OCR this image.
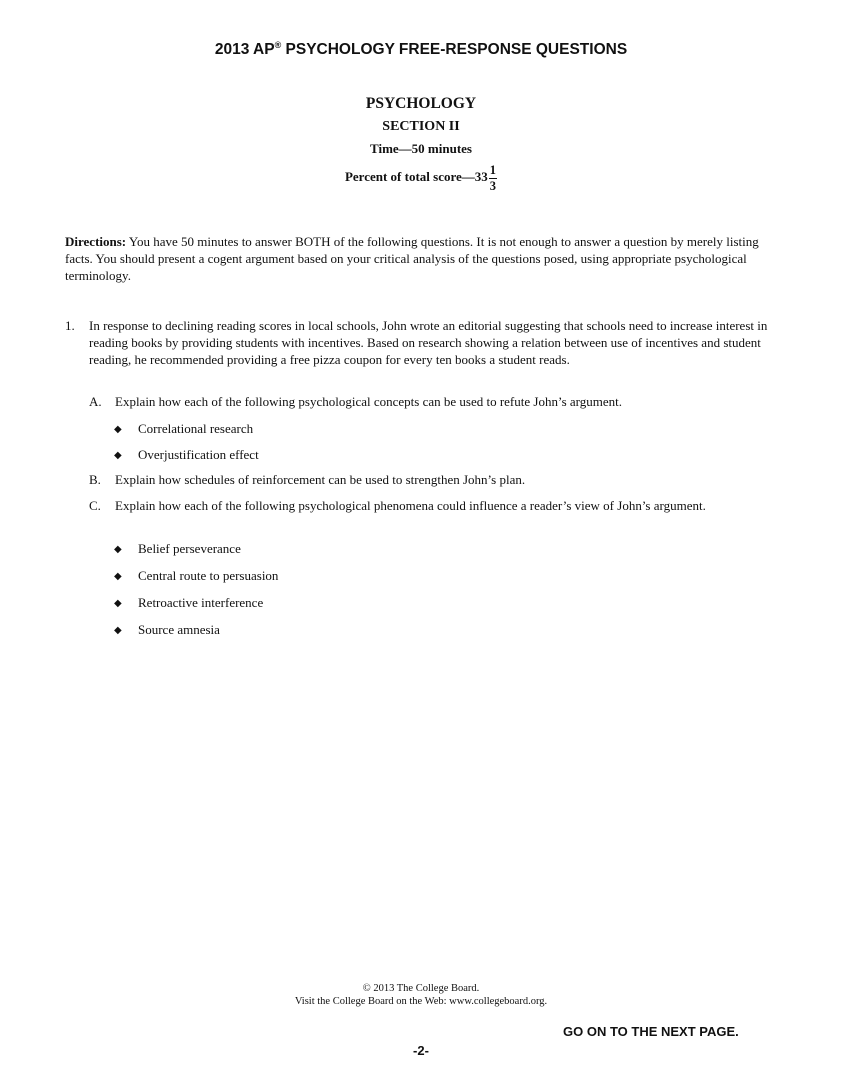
2013 AP® PSYCHOLOGY FREE-RESPONSE QUESTIONS
PSYCHOLOGY
SECTION II
Time—50 minutes
Percent of total score—33 $\frac{1}{3}$

Directions: You have 50 minutes to answer BOTH of the following questions. It is not enough to answer a question by merely listing facts. You should present a cogent argument based on your critical analysis of the questions posed, using appropriate psychological terminology.

1. In response to declining reading scores in local schools, John wrote an editorial suggesting that schools need to increase interest in reading books by providing students with incentives. Based on research showing a relation between use of incentives and student reading, he recommended providing a free pizza coupon for every ten books a student reads.
A. Explain how each of the following psychological concepts can be used to refute John’s argument.
◆ Correlational research
◆ Overjustification effect
B. Explain how schedules of reinforcement can be used to strengthen John’s plan.
C. Explain how each of the following psychological phenomena could influence a reader’s view of John’s argument.
◆ Belief perseverance
◆ Central route to persuasion
◆ Retroactive interference
◆ Source amnesia
© 2013 The College Board.
Visit the College Board on the Web: www.collegeboard.org.
GO ON TO THE NEXT PAGE.
-2-
